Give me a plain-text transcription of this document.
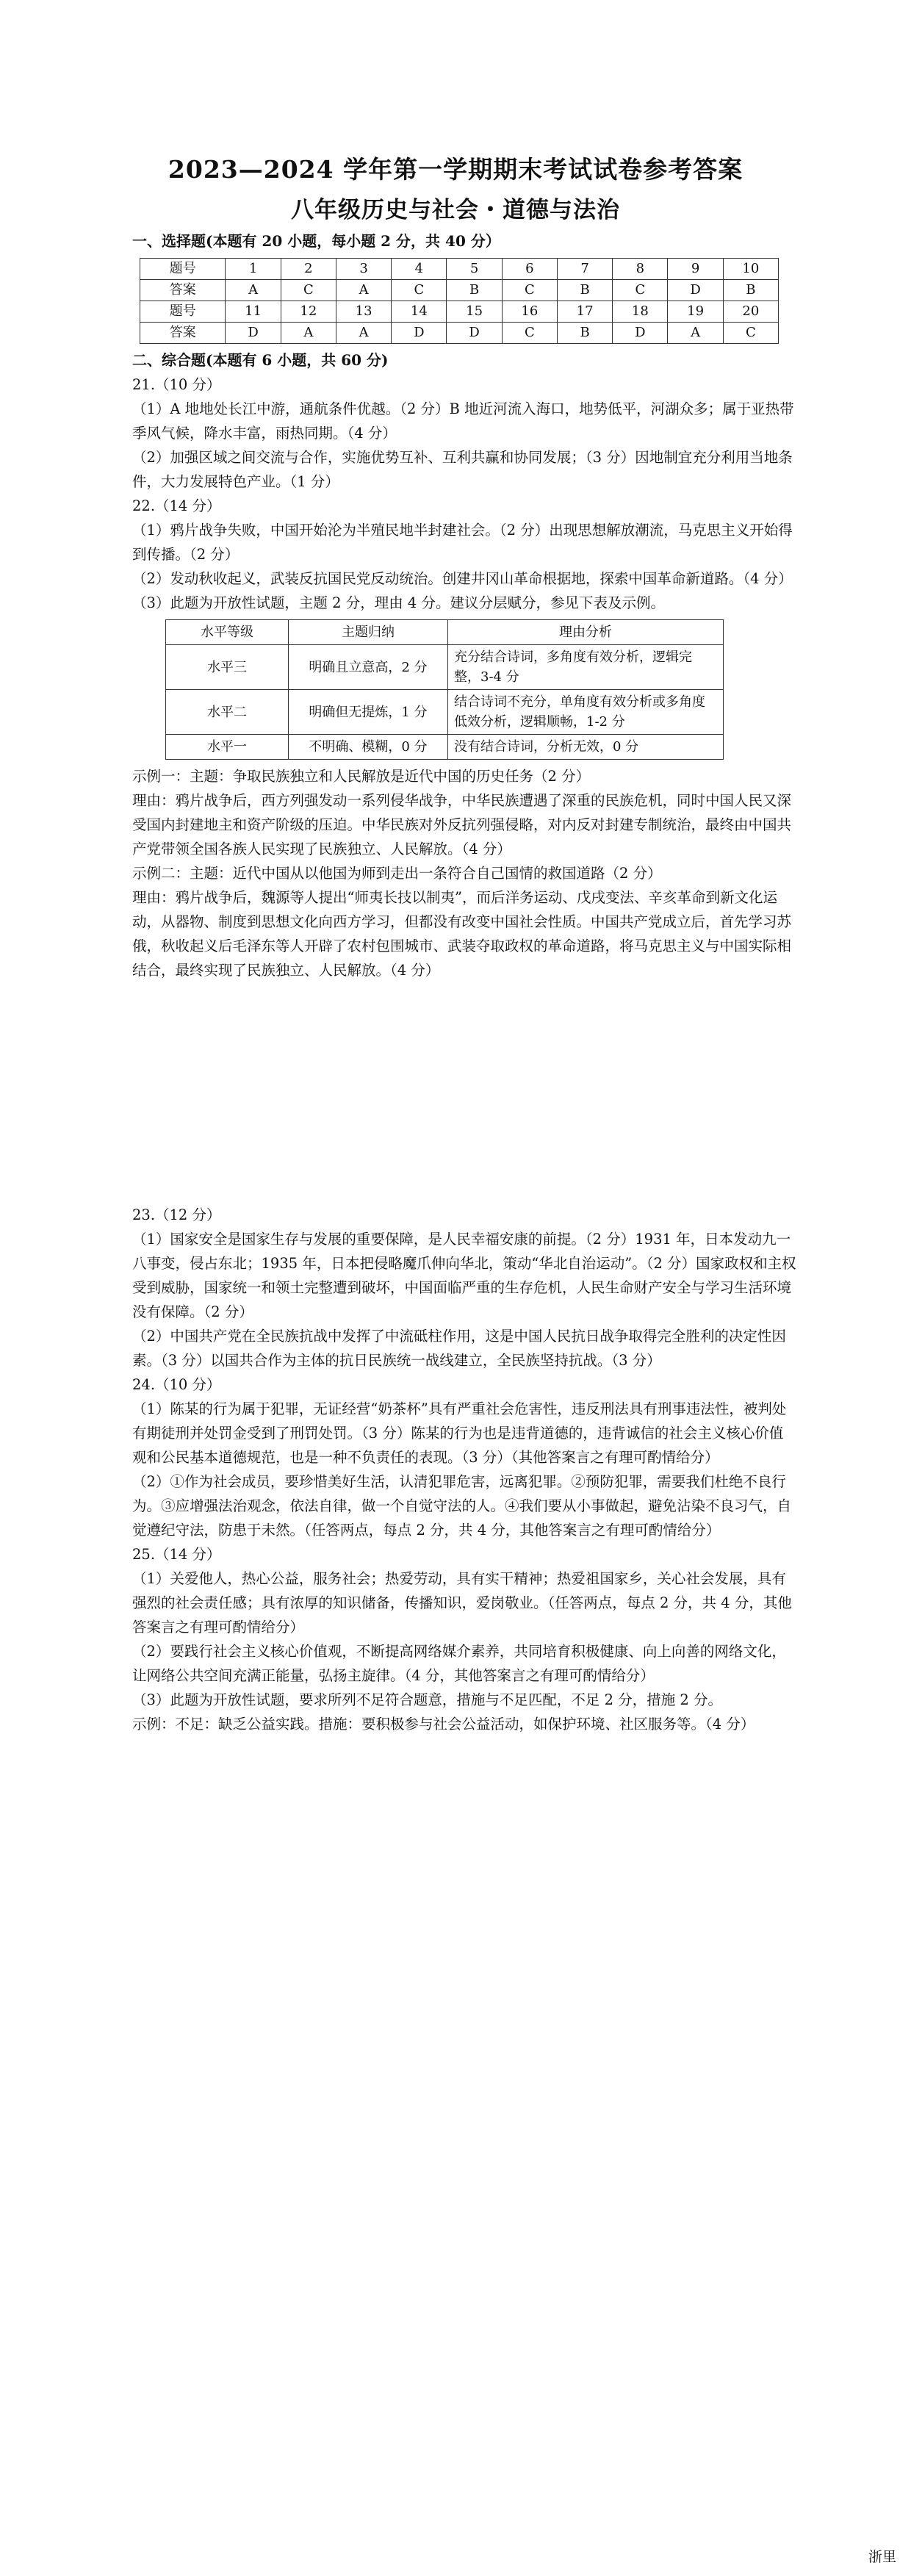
2023—2024 学年第一学期期末考试试卷参考答案
八年级历史与社会・道德与法治

一、选择题(本题有 20 小题，每小题 2 分，共 40 分）

题号	1	2	3	4	5	6	7	8	9	10
答案	A	C	A	C	B	C	B	C	D	B
题号	11	12	13	14	15	16	17	18	19	20
答案	D	A	A	D	D	C	B	D	A	C

二、综合题(本题有 6 小题，共 60 分)

21.（10 分）

（1）A 地地处长江中游，通航条件优越。（2 分）B 地近河流入海口，地势低平，河湖众多；属于亚热带季风气候，降水丰富，雨热同期。（4 分）

（2）加强区域之间交流与合作，实施优势互补、互利共赢和协同发展；（3 分）因地制宜充分利用当地条件，大力发展特色产业。（1 分）

22.（14 分）

（1）鸦片战争失败，中国开始沦为半殖民地半封建社会。（2 分）出现思想解放潮流，马克思主义开始得到传播。（2 分）

（2）发动秋收起义，武装反抗国民党反动统治。创建井冈山革命根据地，探索中国革命新道路。（4 分）

（3）此题为开放性试题，主题 2 分，理由 4 分。建议分层赋分，参见下表及示例。

水平等级	主题归纳	理由分析
水平三	明确且立意高，2 分	充分结合诗词，多角度有效分析，逻辑完整，3-4 分
水平二	明确但无提炼，1 分	结合诗词不充分，单角度有效分析或多角度低效分析，逻辑顺畅，1-2 分
水平一	不明确、模糊，0 分	没有结合诗词，分析无效，0 分

示例一：主题：争取民族独立和人民解放是近代中国的历史任务（2 分）

理由：鸦片战争后，西方列强发动一系列侵华战争，中华民族遭遇了深重的民族危机，同时中国人民又深受国内封建地主和资产阶级的压迫。中华民族对外反抗列强侵略，对内反对封建专制统治，最终由中国共产党带领全国各族人民实现了民族独立、人民解放。（4 分）

示例二：主题：近代中国从以他国为师到走出一条符合自己国情的救国道路（2 分）

理由：鸦片战争后，魏源等人提出“师夷长技以制夷”，而后洋务运动、戊戌变法、辛亥革命到新文化运动，从器物、制度到思想文化向西方学习，但都没有改变中国社会性质。中国共产党成立后，首先学习苏俄，秋收起义后毛泽东等人开辟了农村包围城市、武装夺取政权的革命道路，将马克思主义与中国实际相结合，最终实现了民族独立、人民解放。（4 分）

23.（12 分）

（1）国家安全是国家生存与发展的重要保障，是人民幸福安康的前提。（2 分）1931 年，日本发动九一八事变，侵占东北；1935 年，日本把侵略魔爪伸向华北，策动“华北自治运动”。（2 分）国家政权和主权受到威胁，国家统一和领土完整遭到破坏，中国面临严重的生存危机，人民生命财产安全与学习生活环境没有保障。（2 分）

（2）中国共产党在全民族抗战中发挥了中流砥柱作用，这是中国人民抗日战争取得完全胜利的决定性因素。（3 分）以国共合作为主体的抗日民族统一战线建立，全民族坚持抗战。（3 分）

24.（10 分）

（1）陈某的行为属于犯罪，无证经营“奶茶杯”具有严重社会危害性，违反刑法具有刑事违法性，被判处有期徒刑并处罚金受到了刑罚处罚。（3 分）陈某的行为也是违背道德的，违背诚信的社会主义核心价值观和公民基本道德规范，也是一种不负责任的表现。（3 分）（其他答案言之有理可酌情给分）

（2）①作为社会成员，要珍惜美好生活，认清犯罪危害，远离犯罪。②预防犯罪，需要我们杜绝不良行为。③应增强法治观念，依法自律，做一个自觉守法的人。④我们要从小事做起，避免沾染不良习气，自觉遵纪守法，防患于未然。（任答两点，每点 2 分，共 4 分，其他答案言之有理可酌情给分）

25.（14 分）

（1）关爱他人，热心公益，服务社会；热爱劳动，具有实干精神；热爱祖国家乡，关心社会发展，具有强烈的社会责任感；具有浓厚的知识储备，传播知识，爱岗敬业。（任答两点，每点 2 分，共 4 分，其他答案言之有理可酌情给分）

（2）要践行社会主义核心价值观，不断提高网络媒介素养，共同培育积极健康、向上向善的网络文化，让网络公共空间充满正能量，弘扬主旋律。（4 分，其他答案言之有理可酌情给分）

（3）此题为开放性试题，要求所列不足符合题意，措施与不足匹配，不足 2 分，措施 2 分。

示例：不足：缺乏公益实践。措施：要积极参与社会公益活动，如保护环境、社区服务等。（4 分）

浙里
